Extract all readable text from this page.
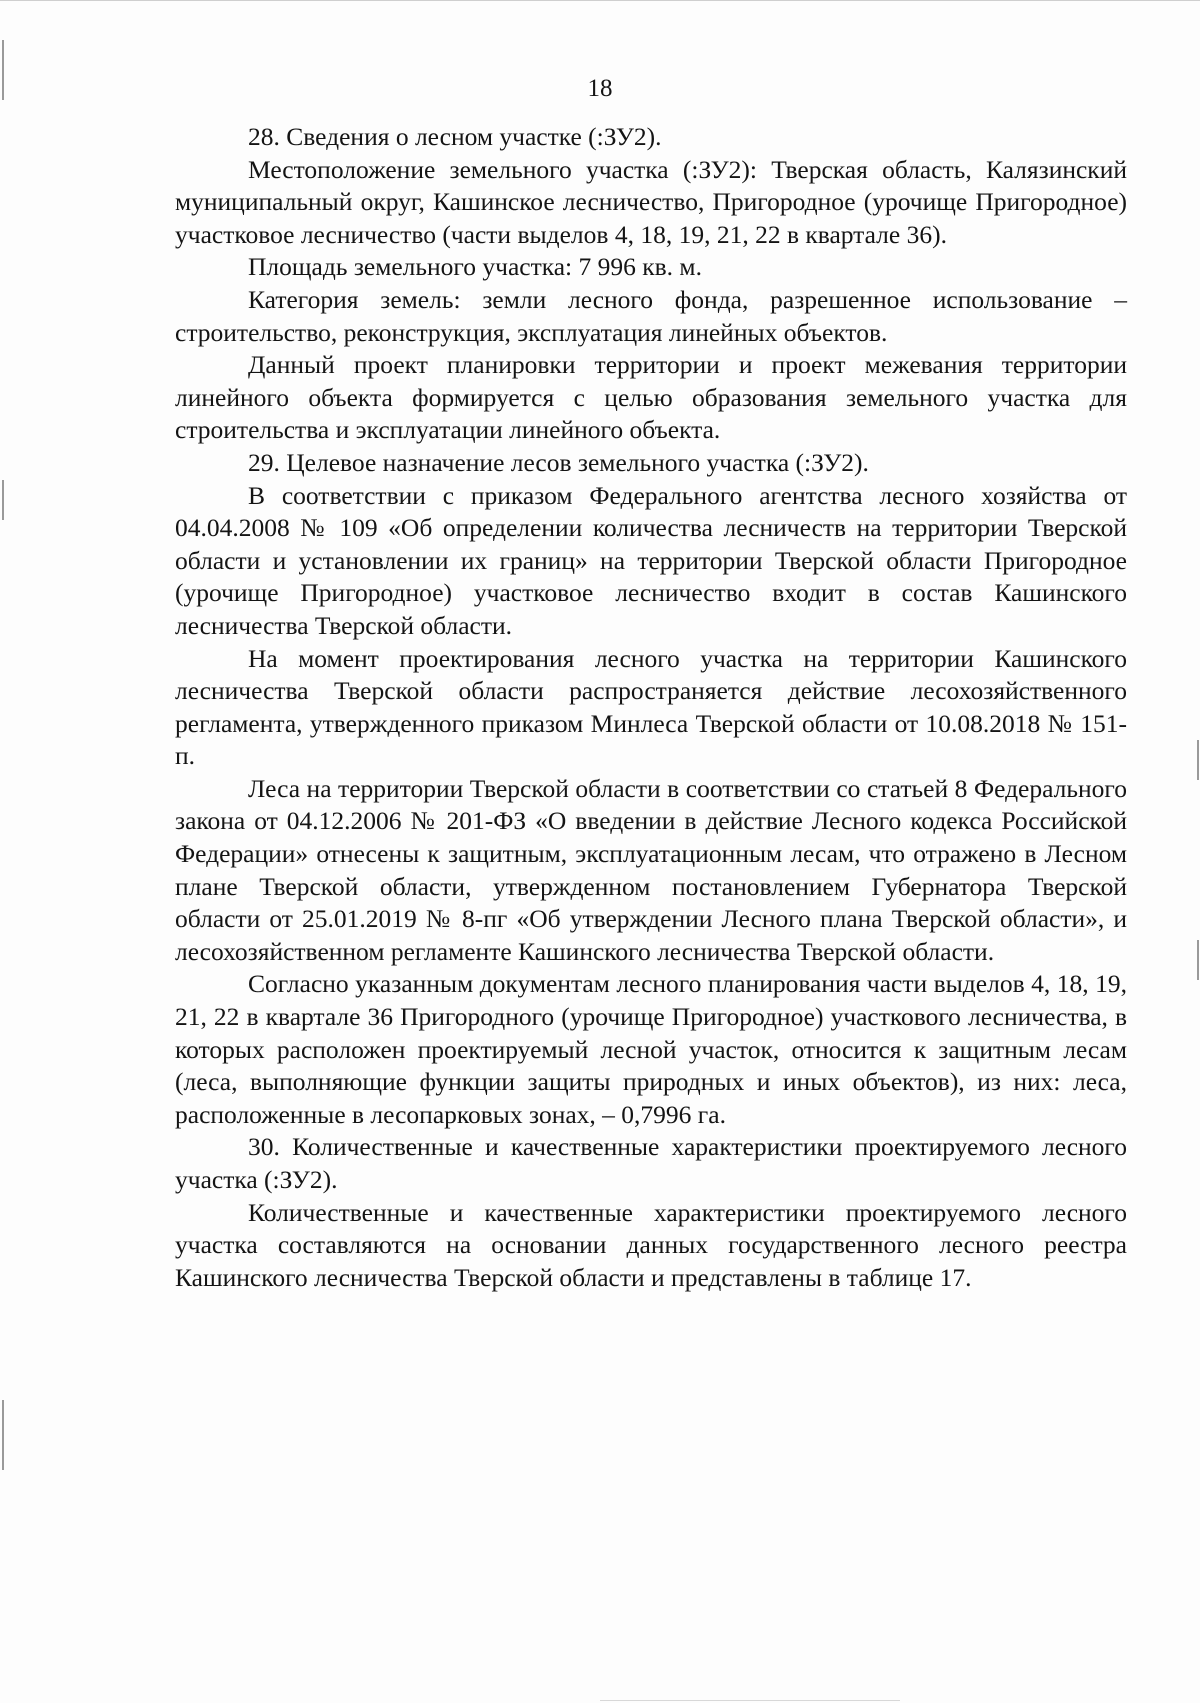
18

28. Сведения о лесном участке (:ЗУ2).

Местоположение земельного участка (:ЗУ2): Тверская область, Калязинский муниципальный округ, Кашинское лесничество, Пригородное (урочище Пригородное) участковое лесничество (части выделов 4, 18, 19, 21, 22 в квартале 36).

Площадь земельного участка: 7 996 кв. м.

Категория земель: земли лесного фонда, разрешенное использование – строительство, реконструкция, эксплуатация линейных объектов.

Данный проект планировки территории и проект межевания территории линейного объекта формируется с целью образования земельного участка для строительства и эксплуатации линейного объекта.

29. Целевое назначение лесов земельного участка (:ЗУ2).

В соответствии с приказом Федерального агентства лесного хозяйства от 04.04.2008 № 109 «Об определении количества лесничеств на территории Тверской области и установлении их границ» на территории Тверской области Пригородное (урочище Пригородное) участковое лесничество входит в состав Кашинского лесничества Тверской области.

На момент проектирования лесного участка на территории Кашинского лесничества Тверской области распространяется действие лесохозяйственного регламента, утвержденного приказом Минлеса Тверской области от 10.08.2018 № 151-п.

Леса на территории Тверской области в соответствии со статьей 8 Федерального закона от 04.12.2006 № 201-ФЗ «О введении в действие Лесного кодекса Российской Федерации» отнесены к защитным, эксплуатационным лесам, что отражено в Лесном плане Тверской области, утвержденном постановлением Губернатора Тверской области от 25.01.2019 № 8-пг «Об утверждении Лесного плана Тверской области», и лесохозяйственном регламенте Кашинского лесничества Тверской области.

Согласно указанным документам лесного планирования части выделов 4, 18, 19, 21, 22 в квартале 36 Пригородного (урочище Пригородное) участкового лесничества, в которых расположен проектируемый лесной участок, относится к защитным лесам (леса, выполняющие функции защиты природных и иных объектов), из них: леса, расположенные в лесопарковых зонах, – 0,7996 га.

30. Количественные и качественные характеристики проектируемого лесного участка (:ЗУ2).

Количественные и качественные характеристики проектируемого лесного участка составляются на основании данных государственного лесного реестра Кашинского лесничества Тверской области и представлены в таблице 17.
